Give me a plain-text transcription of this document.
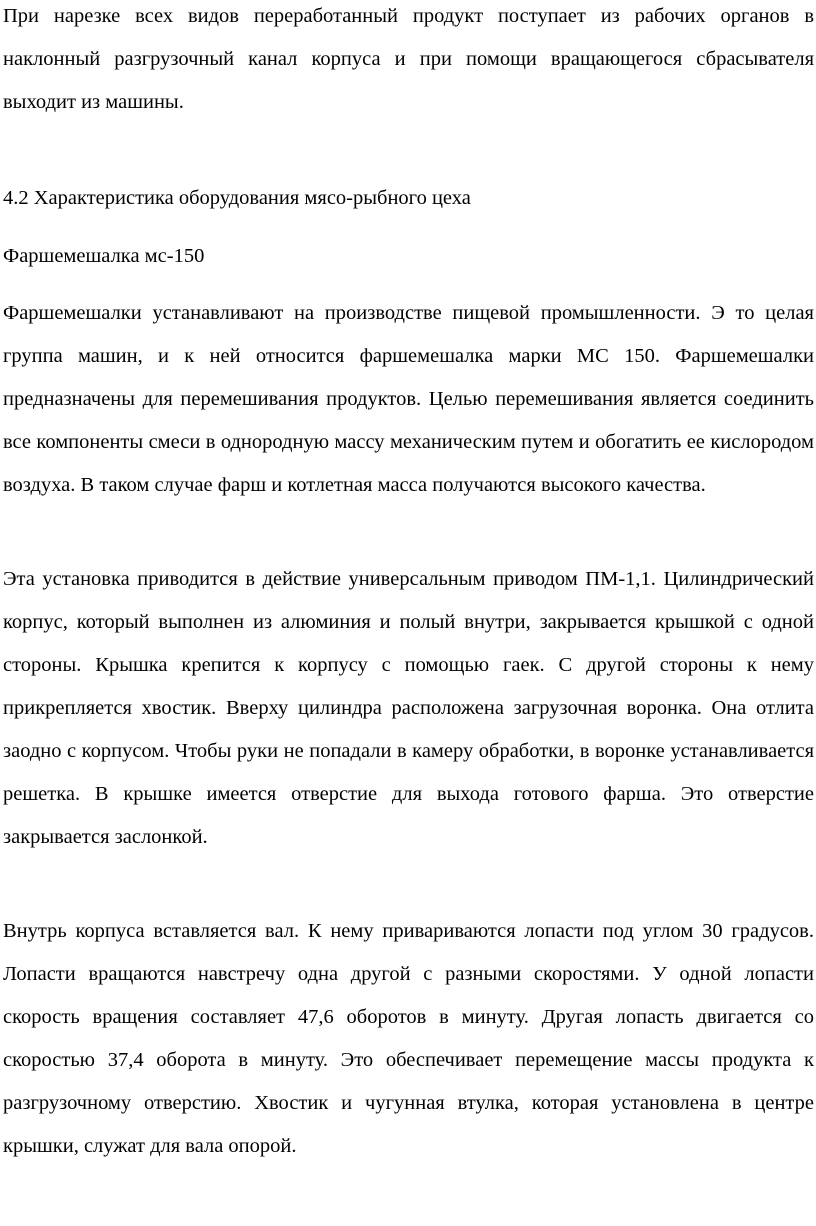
При нарезке всех видов переработанный продукт поступает из рабочих органов в наклонный разгрузочный канал корпуса и при помощи вращающегося сбрасывателя выходит из машины.

4.2 Характеристика оборудования мясо-рыбного цеха

Фаршемешалка мс-150

Фаршемешалки устанавливают на производстве пищевой промышленности. Э то целая группа машин, и к ней относится фаршемешалка марки МС 150. Фаршемешалки предназначены для перемешивания продуктов. Целью перемешивания является соединить все компоненты смеси в однородную массу механическим путем и обогатить ее кислородом воздуха. В таком случае фарш и котлетная масса получаются высокого качества.

Эта установка приводится в действие универсальным приводом ПМ-1,1. Цилиндрический корпус, который выполнен из алюминия и полый внутри, закрывается крышкой с одной стороны. Крышка крепится к корпусу с помощью гаек. С другой стороны к нему прикрепляется хвостик. Вверху цилиндра расположена загрузочная воронка. Она отлита заодно с корпусом. Чтобы руки не попадали в камеру обработки, в воронке устанавливается решетка. В крышке имеется отверстие для выхода готового фарша. Это отверстие закрывается заслонкой.

Внутрь корпуса вставляется вал. К нему привариваются лопасти под углом 30 градусов. Лопасти вращаются навстречу одна другой с разными скоростями. У одной лопасти скорость вращения составляет 47,6 оборотов в минуту. Другая лопасть двигается со скоростью 37,4 оборота в минуту. Это обеспечивает перемещение массы продукта к разгрузочному отверстию. Хвостик и чугунная втулка, которая установлена в центре крышки, служат для вала опорой.
